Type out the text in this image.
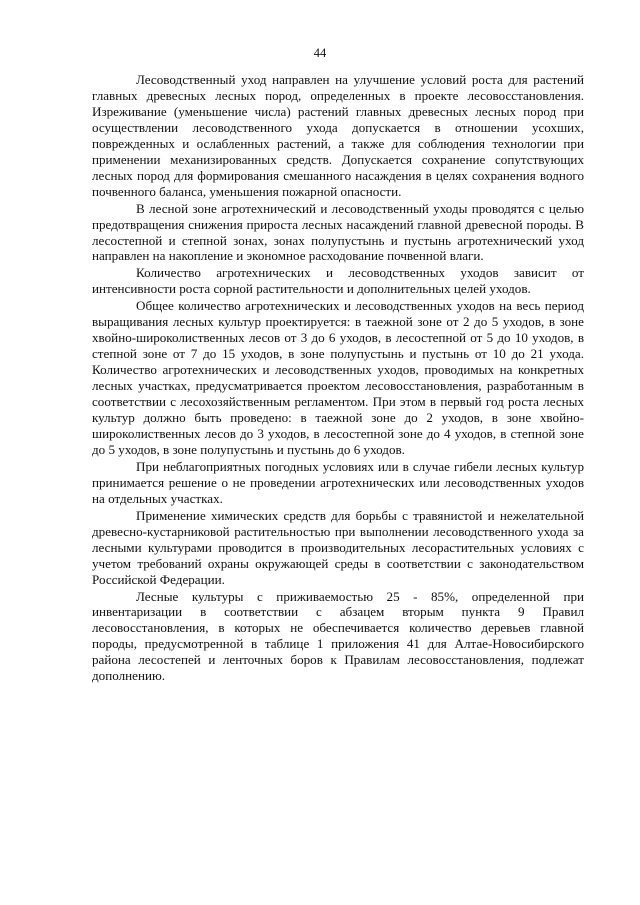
44

Лесоводственный уход направлен на улучшение условий роста для растений главных древесных лесных пород, определенных в проекте лесовосстановления. Изреживание (уменьшение числа) растений главных древесных лесных пород при осуществлении лесоводственного ухода допускается в отношении усохших, поврежденных и ослабленных растений, а также для соблюдения технологии при применении механизированных средств. Допускается сохранение сопутствующих лесных пород для формирования смешанного насаждения в целях сохранения водного почвенного баланса, уменьшения пожарной опасности.

В лесной зоне агротехнический и лесоводственный уходы проводятся с целью предотвращения снижения прироста лесных насаждений главной древесной породы. В лесостепной и степной зонах, зонах полупустынь и пустынь агротехнический уход направлен на накопление и экономное расходование почвенной влаги.

Количество агротехнических и лесоводственных уходов зависит от интенсивности роста сорной растительности и дополнительных целей уходов.

Общее количество агротехнических и лесоводственных уходов на весь период выращивания лесных культур проектируется: в таежной зоне от 2 до 5 уходов, в зоне хвойно-широколиственных лесов от 3 до 6 уходов, в лесостепной от 5 до 10 уходов, в степной зоне от 7 до 15 уходов, в зоне полупустынь и пустынь от 10 до 21 ухода. Количество агротехнических и лесоводственных уходов, проводимых на конкретных лесных участках, предусматривается проектом лесовосстановления, разработанным в соответствии с лесохозяйственным регламентом. При этом в первый год роста лесных культур должно быть проведено: в таежной зоне до 2 уходов, в зоне хвойно-широколиственных лесов до 3 уходов, в лесостепной зоне до 4 уходов, в степной зоне до 5 уходов, в зоне полупустынь и пустынь до 6 уходов.

При неблагоприятных погодных условиях или в случае гибели лесных культур принимается решение о не проведении агротехнических или лесоводственных уходов на отдельных участках.

Применение химических средств для борьбы с травянистой и нежелательной древесно-кустарниковой растительностью при выполнении лесоводственного ухода за лесными культурами проводится в производительных лесорастительных условиях с учетом требований охраны окружающей среды в соответствии с законодательством Российской Федерации.

Лесные культуры с приживаемостью 25 - 85%, определенной при инвентаризации в соответствии с абзацем вторым пункта 9 Правил лесовосстановления, в которых не обеспечивается количество деревьев главной породы, предусмотренной в таблице 1 приложения 41 для Алтае-Новосибирского района лесостепей и ленточных боров к Правилам лесовосстановления, подлежат дополнению.
